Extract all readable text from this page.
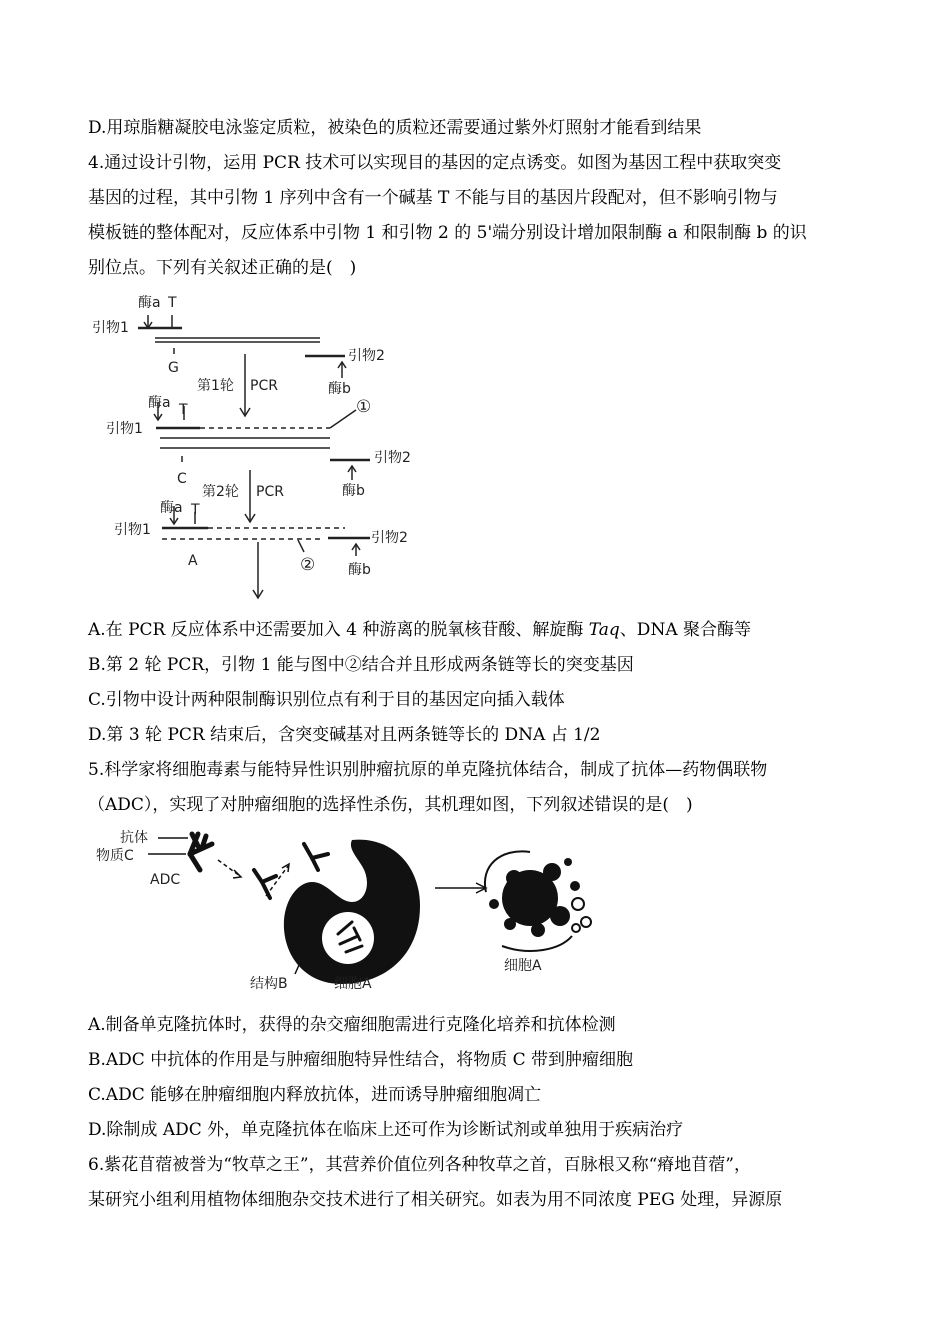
D.用琼脂糖凝胶电泳鉴定质粒，被染色的质粒还需要通过紫外灯照射才能看到结果
4.通过设计引物，运用 PCR 技术可以实现目的基因的定点诱变。如图为基因工程中获取突变
基因的过程，其中引物 1 序列中含有一个碱基 T 不能与目的基因片段配对，但不影响引物与
模板链的整体配对，反应体系中引物 1 和引物 2 的 5'端分别设计增加限制酶 a 和限制酶 b 的识
别位点。下列有关叙述正确的是(　)
酶a T
引物1
G
引物2
酶b
第1轮 PCR
酶a T
引物1
①
C
引物2
酶b
第2轮 PCR
酶a T
引物1	引物2
A	② 酶b
A.在 PCR 反应体系中还需要加入 4 种游离的脱氧核苷酸、解旋酶 Taq、DNA 聚合酶等
B.第 2 轮 PCR，引物 1 能与图中②结合并且形成两条链等长的突变基因
C.引物中设计两种限制酶识别位点有利于目的基因定向插入载体
D.第 3 轮 PCR 结束后，含突变碱基对且两条链等长的 DNA 占 1/2
5.科学家将细胞毒素与能特异性识别肿瘤抗原的单克隆抗体结合，制成了抗体—药物偶联物
（ADC），实现了对肿瘤细胞的选择性杀伤，其机理如图，下列叙述错误的是(　)
抗体
物质C
ADC
结构B	细胞A
细胞A
A.制备单克隆抗体时，获得的杂交瘤细胞需进行克隆化培养和抗体检测
B.ADC 中抗体的作用是与肿瘤细胞特异性结合，将物质 C 带到肿瘤细胞
C.ADC 能够在肿瘤细胞内释放抗体，进而诱导肿瘤细胞凋亡
D.除制成 ADC 外，单克隆抗体在临床上还可作为诊断试剂或单独用于疾病治疗
6.紫花苜蓿被誉为“牧草之王”，其营养价值位列各种牧草之首，百脉根又称“瘠地苜蓿”，
某研究小组利用植物体细胞杂交技术进行了相关研究。如表为用不同浓度 PEG 处理，异源原
